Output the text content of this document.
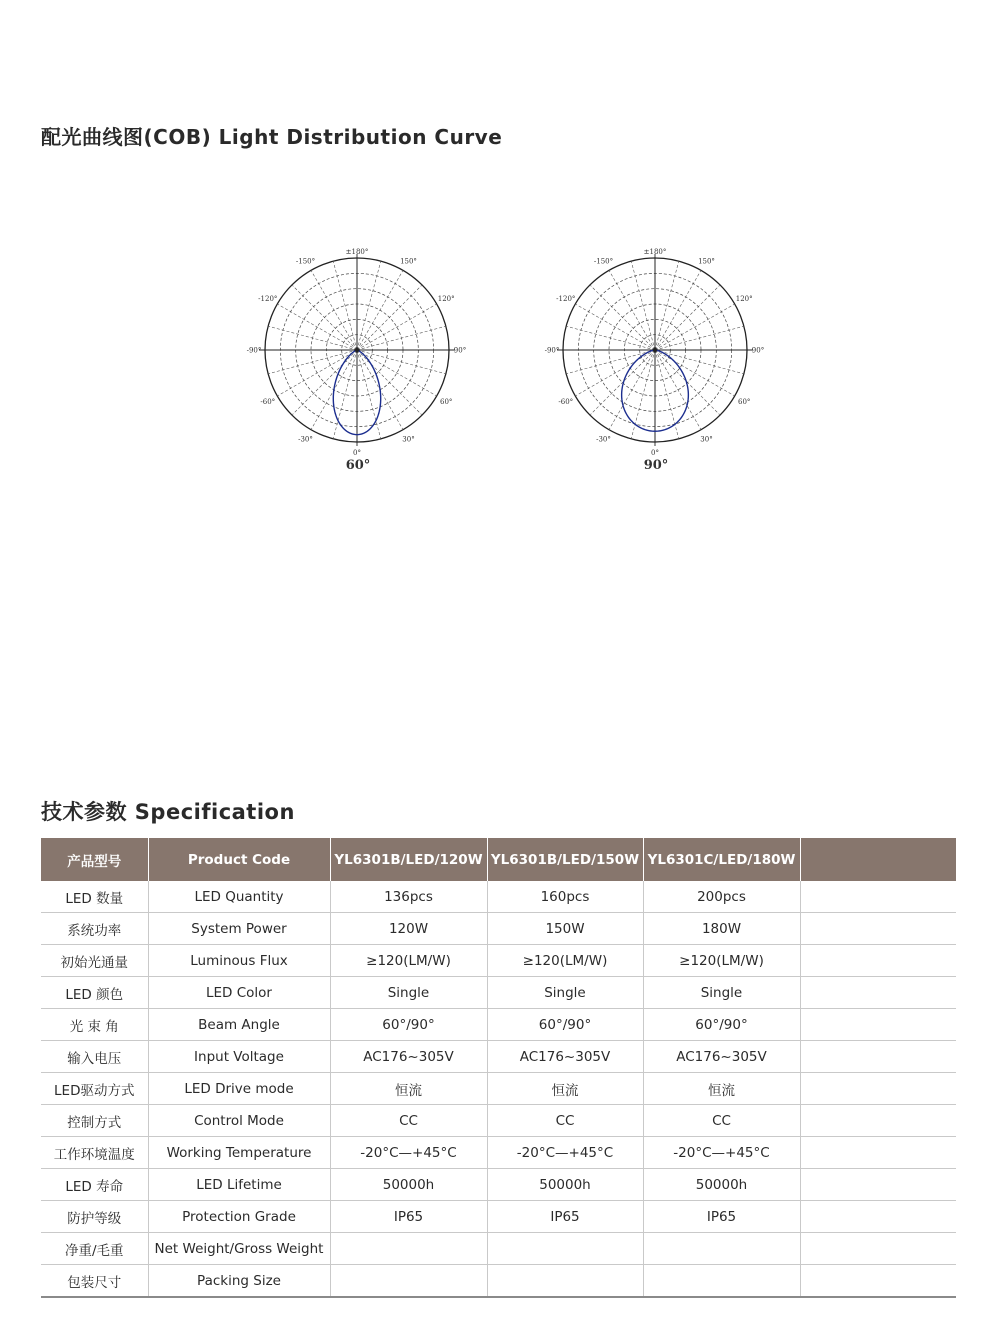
配光曲线图(COB) Light Distribution Curve
±180°
150°
120°
90°
60°
30°
0°
-30°
-60°
-90°
-120°
-150°
60°
±180°
150°
120°
90°
60°
30°
0°
-30°
-60°
-90°
-120°
-150°
90°
技术参数 Specification
产品型号	Product Code	YL6301B/LED/120W	YL6301B/LED/150W	YL6301C/LED/180W	
LED 数量	LED Quantity	136pcs	160pcs	200pcs	
系统功率	System Power	120W	150W	180W	
初始光通量	Luminous Flux	≥120(LM/W)	≥120(LM/W)	≥120(LM/W)	
LED 颜色	LED Color	Single	Single	Single	
光 束 角	Beam Angle	60°/90°	60°/90°	60°/90°	
输入电压	Input Voltage	AC176~305V	AC176~305V	AC176~305V	
LED驱动方式	LED Drive mode	恒流	恒流	恒流	
控制方式	Control Mode	CC	CC	CC	
工作环境温度	Working Temperature	-20°C—+45°C	-20°C—+45°C	-20°C—+45°C	
LED 寿命	LED Lifetime	50000h	50000h	50000h	
防护等级	Protection Grade	IP65	IP65	IP65	
净重/毛重	Net Weight/Gross Weight				
包装尺寸	Packing Size				
